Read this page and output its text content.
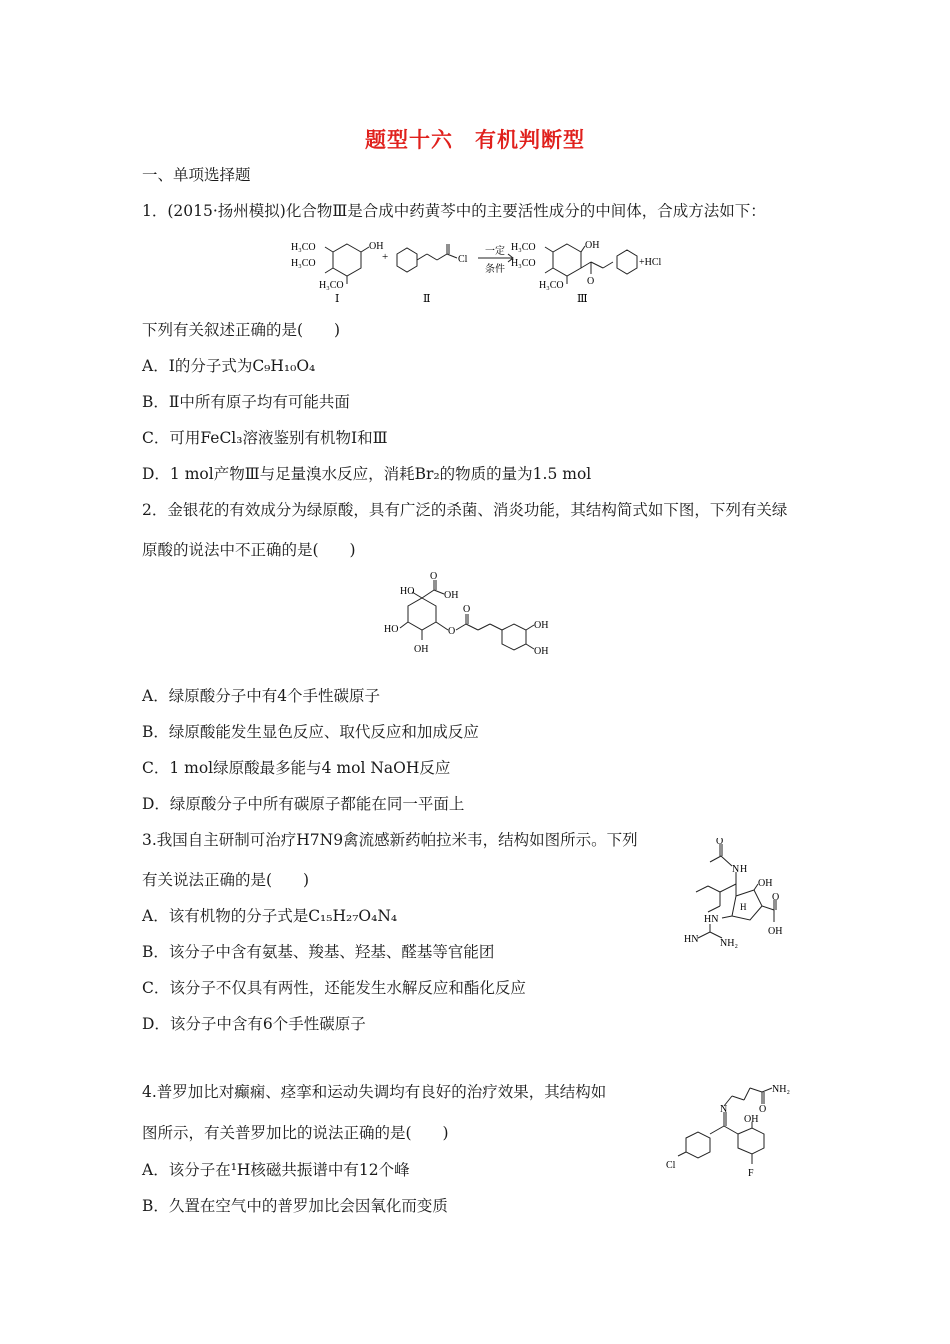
题型十六　有机判断型
一、单项选择题
1．(2015·扬州模拟)化合物Ⅲ是合成中药黄芩中的主要活性成分的中间体，合成方法如下：
H₃CO
H₃CO
H₃CO
OH
+	Cl
Ⅰ	Ⅱ
一定
条件
H₃CO
H₃CO
H₃CO
OH
O
Ⅲ
+HCl
下列有关叙述正确的是(　　)
A．Ⅰ的分子式为C₉H₁₀O₄
B．Ⅱ中所有原子均有可能共面
C．可用FeCl₃溶液鉴别有机物Ⅰ和Ⅲ
D．1 mol产物Ⅲ与足量溴水反应，消耗Br₂的物质的量为1.5 mol
2．金银花的有效成分为绿原酸，具有广泛的杀菌、消炎功能，其结构简式如下图，下列有关绿
原酸的说法中不正确的是(　　)
O
HO	OH
HO	O
O
OH
OH
OH
A．绿原酸分子中有4个手性碳原子
B．绿原酸能发生显色反应、取代反应和加成反应
C．1 mol绿原酸最多能与4 mol NaOH反应
D．绿原酸分子中所有碳原子都能在同一平面上
3.我国自主研制可治疗H7N9禽流感新药帕拉米韦，结构如图所示。下列
有关说法正确的是(　　)
O
N H
OH
HN
O
OH
HN NH₂
H
A．该有机物的分子式是C₁₅H₂₇O₄N₄
B．该分子中含有氨基、羧基、羟基、醛基等官能团
C．该分子不仅具有两性，还能发生水解反应和酯化反应
D．该分子中含有6个手性碳原子
4.普罗加比对癫痫、痉挛和运动失调均有良好的治疗效果，其结构如
图所示，有关普罗加比的说法正确的是(　　)
NH₂
O
N
OH
Cl
F
A．该分子在¹H核磁共振谱中有12个峰
B．久置在空气中的普罗加比会因氧化而变质
